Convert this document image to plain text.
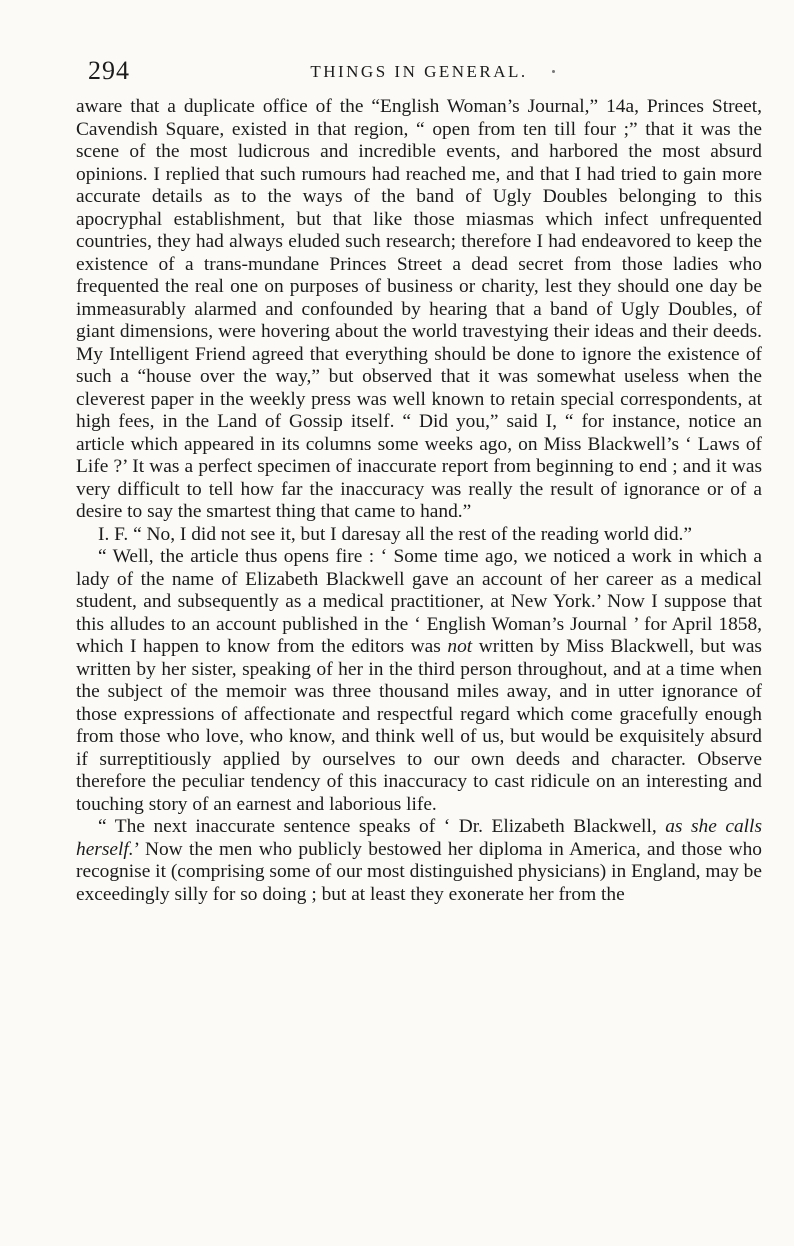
294	THINGS IN GENERAL.

aware that a duplicate office of the “English Woman’s Journal,” 14a, Princes Street, Cavendish Square, existed in that region, “ open from ten till four ;” that it was the scene of the most ludicrous and incredible events, and harbored the most absurd opinions. I replied that such rumours had reached me, and that I had tried to gain more accurate details as to the ways of the band of Ugly Doubles belonging to this apocryphal establishment, but that like those miasmas which infect unfrequented countries, they had always eluded such research; therefore I had endeavored to keep the existence of a trans-mundane Princes Street a dead secret from those ladies who frequented the real one on purposes of business or charity, lest they should one day be immeasurably alarmed and confounded by hearing that a band of Ugly Doubles, of giant dimensions, were hovering about the world travestying their ideas and their deeds. My Intelligent Friend agreed that everything should be done to ignore the existence of such a “house over the way,” but observed that it was somewhat useless when the cleverest paper in the weekly press was well known to retain special correspondents, at high fees, in the Land of Gossip itself. “ Did you,” said I, “ for instance, notice an article which appeared in its columns some weeks ago, on Miss Blackwell’s ‘ Laws of Life ?’ It was a perfect specimen of inaccurate report from beginning to end ; and it was very difficult to tell how far the inaccuracy was really the result of ignorance or of a desire to say the smartest thing that came to hand.”

I. F. “ No, I did not see it, but I daresay all the rest of the reading world did.”

“ Well, the article thus opens fire : ‘ Some time ago, we noticed a work in which a lady of the name of Elizabeth Blackwell gave an account of her career as a medical student, and subsequently as a medical practitioner, at New York.’ Now I suppose that this alludes to an account published in the ‘ English Woman’s Journal ’ for April 1858, which I happen to know from the editors was not written by Miss Blackwell, but was written by her sister, speaking of her in the third person throughout, and at a time when the subject of the memoir was three thousand miles away, and in utter ignorance of those expressions of affectionate and respectful regard which come gracefully enough from those who love, who know, and think well of us, but would be exquisitely absurd if surreptitiously applied by ourselves to our own deeds and character. Observe therefore the peculiar tendency of this inaccuracy to cast ridicule on an interesting and touching story of an earnest and laborious life.

“ The next inaccurate sentence speaks of ‘ Dr. Elizabeth Blackwell, as she calls herself.’ Now the men who publicly bestowed her diploma in America, and those who recognise it (comprising some of our most distinguished physicians) in England, may be exceedingly silly for so doing ; but at least they exonerate her from the
